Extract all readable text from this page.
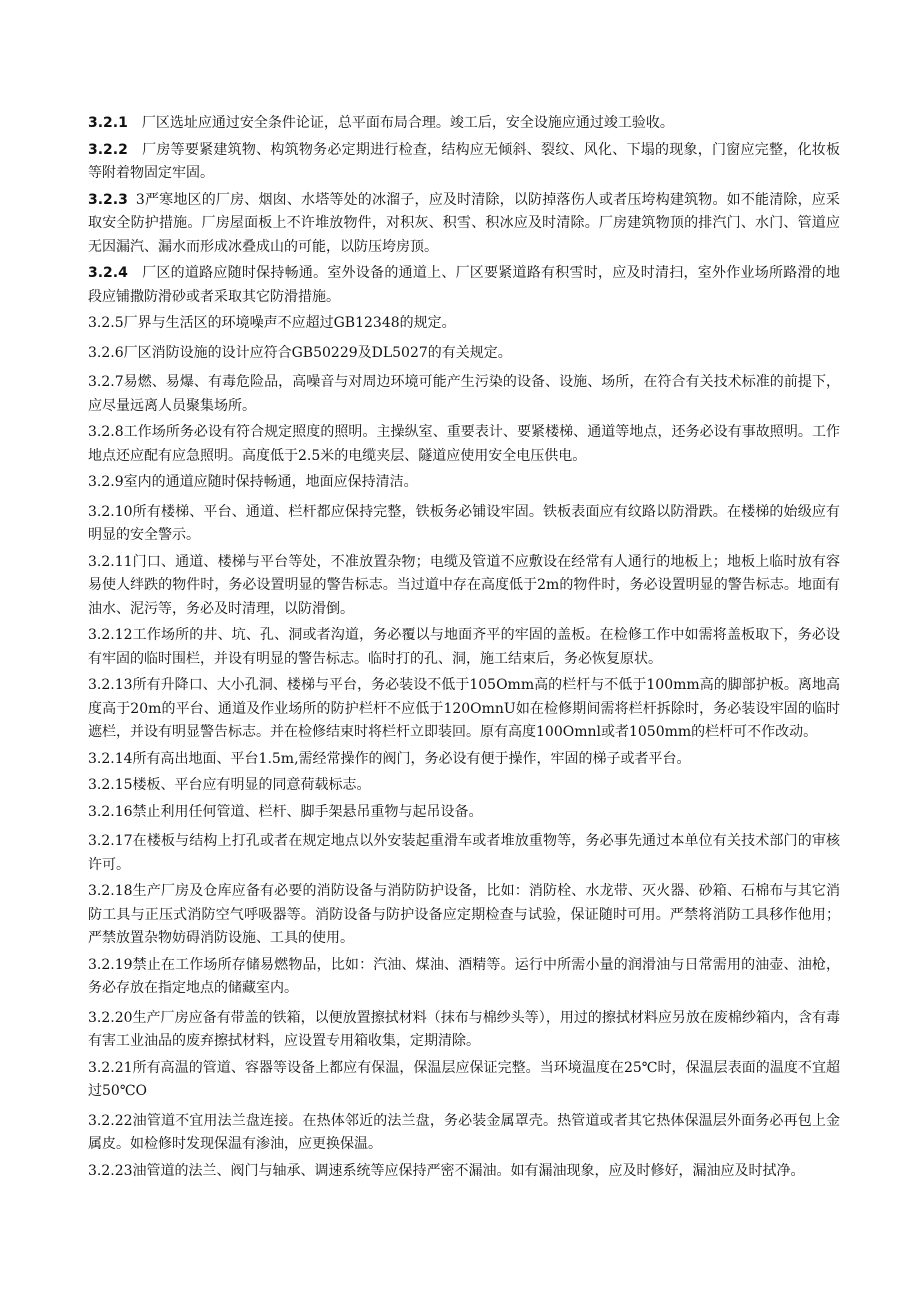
3.2.1 厂区选址应通过安全条件论证，总平面布局合理。竣工后，安全设施应通过竣工验收。

3.2.2 厂房等要紧建筑物、构筑物务必定期进行检查，结构应无倾斜、裂纹、风化、下塌的现象，门窗应完整，化妆板等附着物固定牢固。

3.2.3 3严寒地区的厂房、烟囱、水塔等处的冰溜子，应及时清除，以防掉落伤人或者压垮构建筑物。如不能清除，应采取安全防护措施。厂房屋面板上不许堆放物件，对积灰、积雪、积冰应及时清除。厂房建筑物顶的排汽门、水门、管道应无因漏汽、漏水而形成冰叠成山的可能，以防压垮房顶。

3.2.4 厂区的道路应随时保持畅通。室外设备的通道上、厂区要紧道路有积雪时，应及时清扫，室外作业场所路滑的地段应铺撒防滑砂或者采取其它防滑措施。

3.2.5厂界与生活区的环境噪声不应超过GB12348的规定。

3.2.6厂区消防设施的设计应符合GB50229及DL5027的有关规定。

3.2.7易燃、易爆、有毒危险品，高噪音与对周边环境可能产生污染的设备、设施、场所，在符合有关技术标准的前提下，应尽量远离人员聚集场所。

3.2.8工作场所务必设有符合规定照度的照明。主操纵室、重要表计、要紧楼梯、通道等地点，还务必设有事故照明。工作地点还应配有应急照明。高度低于2.5米的电缆夹层、隧道应使用安全电压供电。

3.2.9室内的通道应随时保持畅通，地面应保持清洁。

3.2.10所有楼梯、平台、通道、栏杆都应保持完整，铁板务必铺设牢固。铁板表面应有纹路以防滑跌。在楼梯的始级应有明显的安全警示。

3.2.11门口、通道、楼梯与平台等处，不准放置杂物；电缆及管道不应敷设在经常有人通行的地板上；地板上临时放有容易使人绊跌的物件时，务必设置明显的警告标志。当过道中存在高度低于2m的物件时，务必设置明显的警告标志。地面有油水、泥污等，务必及时清理，以防滑倒。

3.2.12工作场所的井、坑、孔、洞或者沟道，务必覆以与地面齐平的牢固的盖板。在检修工作中如需将盖板取下，务必设有牢固的临时围栏，并设有明显的警告标志。临时打的孔、洞，施工结束后，务必恢复原状。

3.2.13所有升降口、大小孔洞、楼梯与平台，务必装设不低于105Omm高的栏杆与不低于100mm高的脚部护板。离地高度高于20m的平台、通道及作业场所的防护栏杆不应低于120OmnU如在检修期间需将栏杆拆除时，务必装设牢固的临时遮栏，并设有明显警告标志。并在检修结束时将栏杆立即装回。原有高度100Omnl或者1050mm的栏杆可不作改动。

3.2.14所有高出地面、平台1.5m,需经常操作的阀门，务必设有便于操作，牢固的梯子或者平台。

3.2.15楼板、平台应有明显的同意荷载标志。

3.2.16禁止利用任何管道、栏杆、脚手架悬吊重物与起吊设备。

3.2.17在楼板与结构上打孔或者在规定地点以外安装起重滑车或者堆放重物等，务必事先通过本单位有关技术部门的审核许可。

3.2.18生产厂房及仓库应备有必要的消防设备与消防防护设备，比如：消防栓、水龙带、灭火器、砂箱、石棉布与其它消防工具与正压式消防空气呼吸器等。消防设备与防护设备应定期检查与试验，保证随时可用。严禁将消防工具移作他用；严禁放置杂物妨碍消防设施、工具的使用。

3.2.19禁止在工作场所存储易燃物品，比如：汽油、煤油、酒精等。运行中所需小量的润滑油与日常需用的油壶、油枪，务必存放在指定地点的储藏室内。

3.2.20生产厂房应备有带盖的铁箱，以便放置擦拭材料（抹布与棉纱头等），用过的擦拭材料应另放在废棉纱箱内，含有毒有害工业油品的废弃擦拭材料，应设置专用箱收集，定期清除。

3.2.21所有高温的管道、容器等设备上都应有保温，保温层应保证完整。当环境温度在25℃时，保温层表面的温度不宜超过50℃O

3.2.22油管道不宜用法兰盘连接。在热体邻近的法兰盘，务必装金属罩壳。热管道或者其它热体保温层外面务必再包上金属皮。如检修时发现保温有渗油，应更换保温。

3.2.23油管道的法兰、阀门与轴承、调速系统等应保持严密不漏油。如有漏油现象，应及时修好，漏油应及时拭净。
